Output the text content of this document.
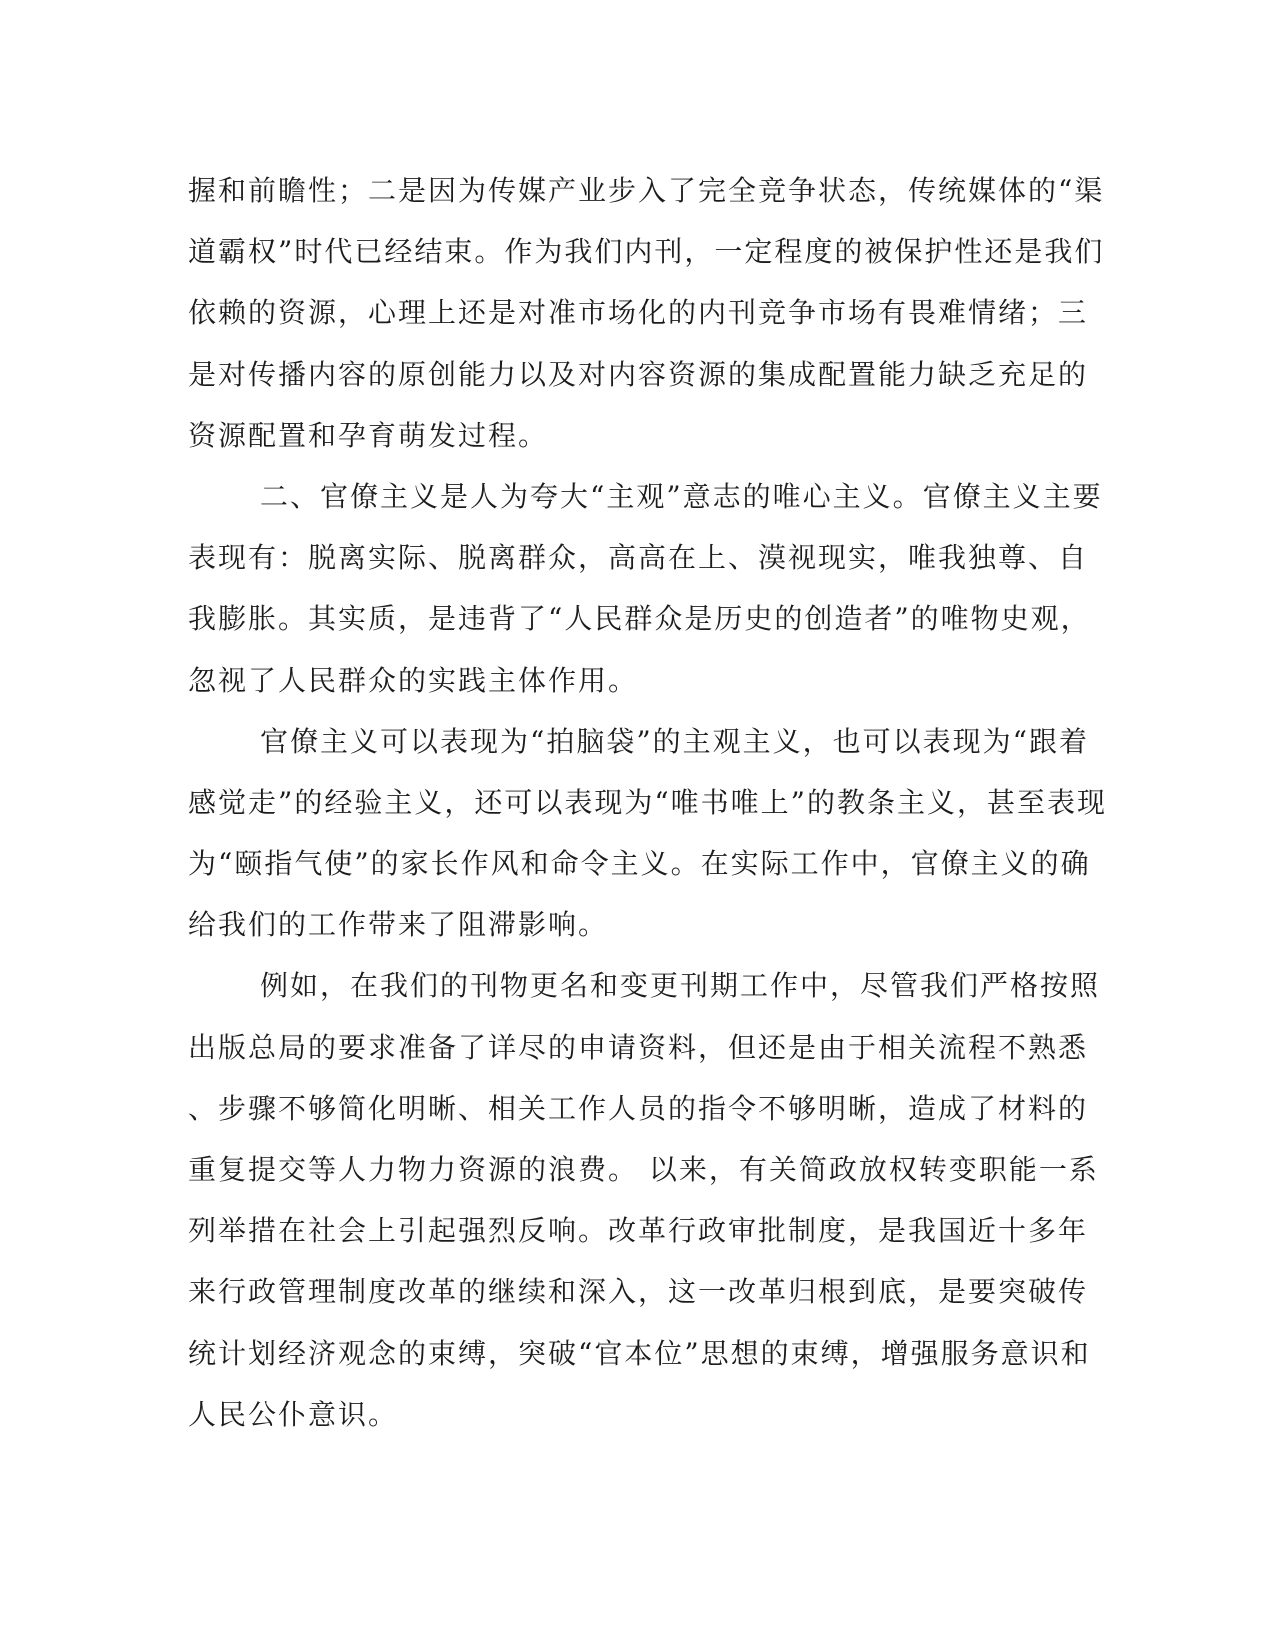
握和前瞻性；二是因为传媒产业步入了完全竞争状态，传统媒体的“渠
道霸权”时代已经结束。作为我们内刊，一定程度的被保护性还是我们
依赖的资源，心理上还是对准市场化的内刊竞争市场有畏难情绪；三
是对传播内容的原创能力以及对内容资源的集成配置能力缺乏充足的
资源配置和孕育萌发过程。
二、官僚主义是人为夸大“主观”意志的唯心主义。官僚主义主要
表现有：脱离实际、脱离群众，高高在上、漠视现实，唯我独尊、自
我膨胀。其实质，是违背了“人民群众是历史的创造者”的唯物史观，
忽视了人民群众的实践主体作用。
官僚主义可以表现为“拍脑袋”的主观主义，也可以表现为“跟着
感觉走”的经验主义，还可以表现为“唯书唯上”的教条主义，甚至表现
为“颐指气使”的家长作风和命令主义。在实际工作中，官僚主义的确
给我们的工作带来了阻滞影响。
例如，在我们的刊物更名和变更刊期工作中，尽管我们严格按照
出版总局的要求准备了详尽的申请资料，但还是由于相关流程不熟悉
、步骤不够简化明晰、相关工作人员的指令不够明晰，造成了材料的
重复提交等人力物力资源的浪费。 以来，有关简政放权转变职能一系
列举措在社会上引起强烈反响。改革行政审批制度，是我国近十多年
来行政管理制度改革的继续和深入，这一改革归根到底，是要突破传
统计划经济观念的束缚，突破“官本位”思想的束缚，增强服务意识和
人民公仆意识。
